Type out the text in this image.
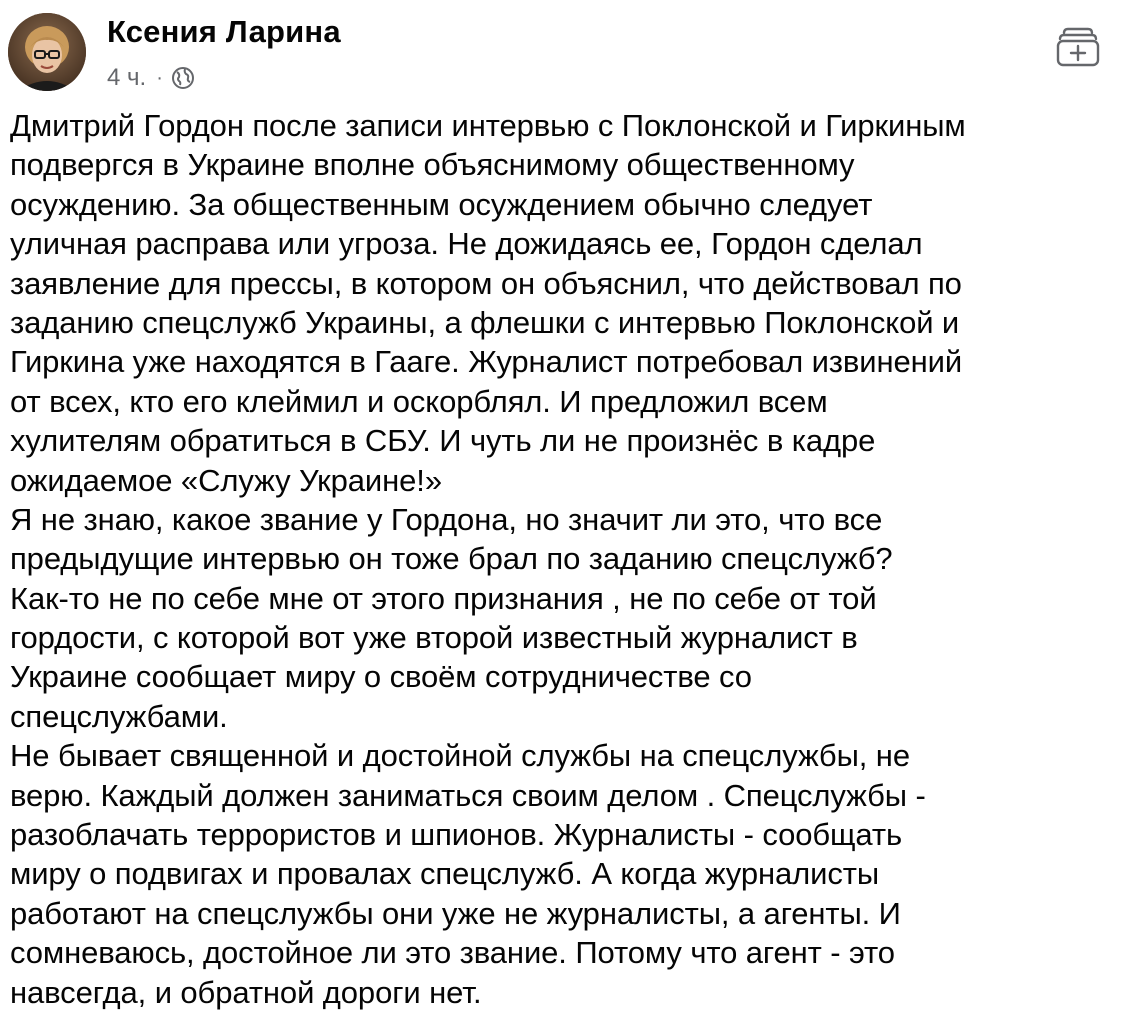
Ксения Ларина
4 ч. ·
Дмитрий Гордон после записи интервью с Поклонской и Гиркиным
подвергся в Украине вполне объяснимому общественному
осуждению. За общественным осуждением обычно следует
уличная расправа или угроза. Не дожидаясь ее, Гордон сделал
заявление для прессы, в котором он объяснил, что действовал по
заданию спецслужб Украины, а флешки с интервью Поклонской и
Гиркина уже находятся в Гааге. Журналист потребовал извинений
от всех, кто его клеймил и оскорблял. И предложил всем
хулителям обратиться в СБУ. И чуть ли не произнёс в кадре
ожидаемое «Служу Украине!»
Я не знаю, какое звание у Гордона, но значит ли это, что все
предыдущие интервью он тоже брал по заданию спецслужб?
Как-то не по себе мне от этого признания , не по себе от той
гордости, с которой вот уже второй известный журналист в
Украине сообщает миру о своём сотрудничестве со
спецслужбами.
Не бывает священной и достойной службы на спецслужбы, не
верю. Каждый должен заниматься своим делом . Спецслужбы -
разоблачать террористов и шпионов. Журналисты - сообщать
миру о подвигах и провалах спецслужб. А когда журналисты
работают на спецслужбы они уже не журналисты, а агенты. И
сомневаюсь, достойное ли это звание. Потому что агент - это
навсегда, и обратной дороги нет.
